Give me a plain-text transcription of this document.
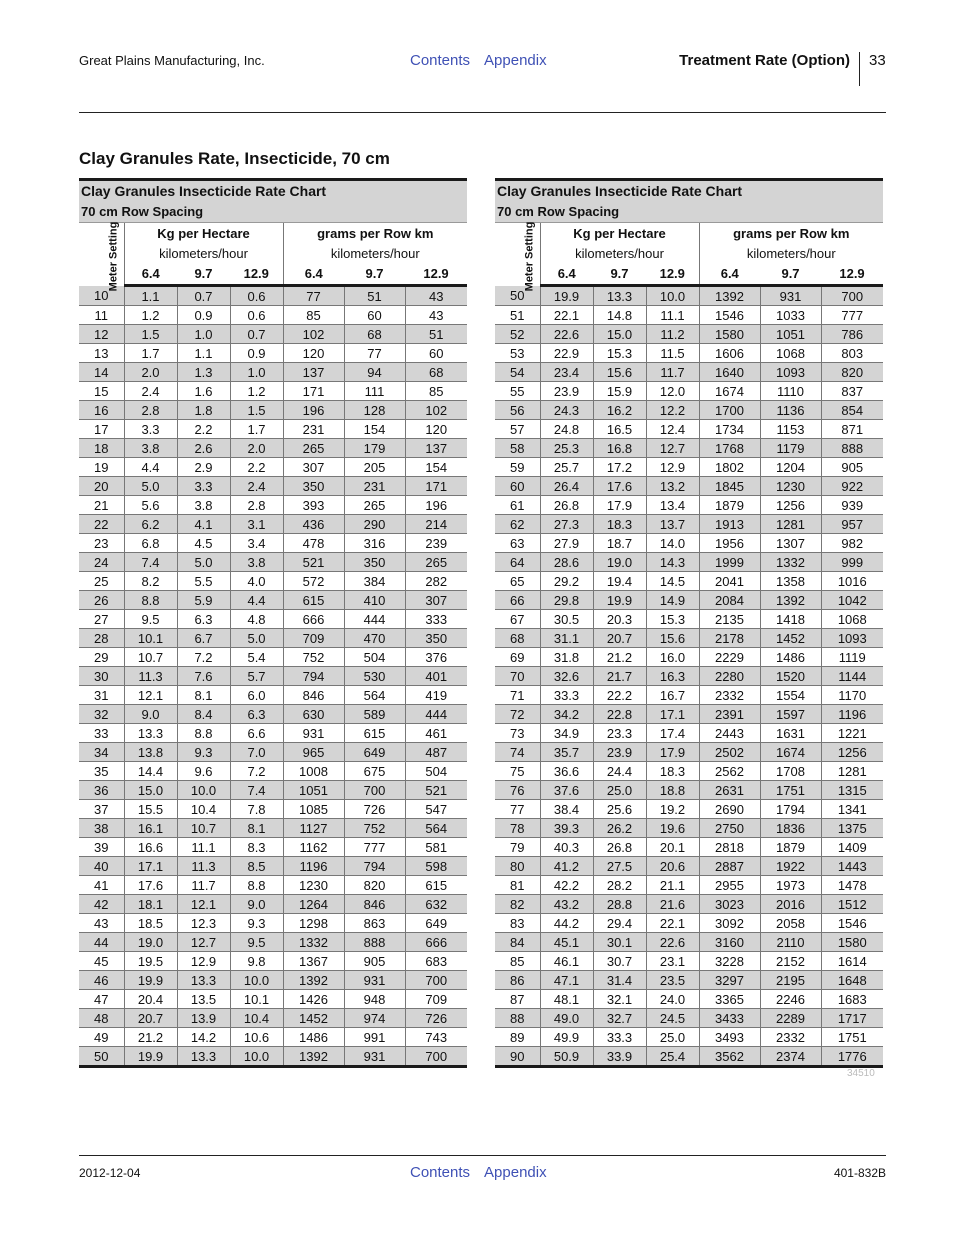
Great Plains Manufacturing, Inc.	Contents Appendix	Treatment Rate (Option) 33
Clay Granules Rate, Insecticide, 70 cm
Clay Granules Insecticide Rate Chart
70 cm Row Spacing
Meter Setting	Kg per Hectare			grams per Row km		
	kilometers/hour			kilometers/hour		
	6.4	9.7	12.9	6.4	9.7	12.9
10	1.1	0.7	0.6	77	51	43
11	1.2	0.9	0.6	85	60	43
12	1.5	1.0	0.7	102	68	51
13	1.7	1.1	0.9	120	77	60
14	2.0	1.3	1.0	137	94	68
15	2.4	1.6	1.2	171	111	85
16	2.8	1.8	1.5	196	128	102
17	3.3	2.2	1.7	231	154	120
18	3.8	2.6	2.0	265	179	137
19	4.4	2.9	2.2	307	205	154
20	5.0	3.3	2.4	350	231	171
21	5.6	3.8	2.8	393	265	196
22	6.2	4.1	3.1	436	290	214
23	6.8	4.5	3.4	478	316	239
24	7.4	5.0	3.8	521	350	265
25	8.2	5.5	4.0	572	384	282
26	8.8	5.9	4.4	615	410	307
27	9.5	6.3	4.8	666	444	333
28	10.1	6.7	5.0	709	470	350
29	10.7	7.2	5.4	752	504	376
30	11.3	7.6	5.7	794	530	401
31	12.1	8.1	6.0	846	564	419
32	9.0	8.4	6.3	630	589	444
33	13.3	8.8	6.6	931	615	461
34	13.8	9.3	7.0	965	649	487
35	14.4	9.6	7.2	1008	675	504
36	15.0	10.0	7.4	1051	700	521
37	15.5	10.4	7.8	1085	726	547
38	16.1	10.7	8.1	1127	752	564
39	16.6	11.1	8.3	1162	777	581
40	17.1	11.3	8.5	1196	794	598
41	17.6	11.7	8.8	1230	820	615
42	18.1	12.1	9.0	1264	846	632
43	18.5	12.3	9.3	1298	863	649
44	19.0	12.7	9.5	1332	888	666
45	19.5	12.9	9.8	1367	905	683
46	19.9	13.3	10.0	1392	931	700
47	20.4	13.5	10.1	1426	948	709
48	20.7	13.9	10.4	1452	974	726
49	21.2	14.2	10.6	1486	991	743
50	19.9	13.3	10.0	1392	931	700
Clay Granules Insecticide Rate Chart
70 cm Row Spacing
Meter Setting	Kg per Hectare			grams per Row km		
	kilometers/hour			kilometers/hour		
	6.4	9.7	12.9	6.4	9.7	12.9
50	19.9	13.3	10.0	1392	931	700
51	22.1	14.8	11.1	1546	1033	777
52	22.6	15.0	11.2	1580	1051	786
53	22.9	15.3	11.5	1606	1068	803
54	23.4	15.6	11.7	1640	1093	820
55	23.9	15.9	12.0	1674	1110	837
56	24.3	16.2	12.2	1700	1136	854
57	24.8	16.5	12.4	1734	1153	871
58	25.3	16.8	12.7	1768	1179	888
59	25.7	17.2	12.9	1802	1204	905
60	26.4	17.6	13.2	1845	1230	922
61	26.8	17.9	13.4	1879	1256	939
62	27.3	18.3	13.7	1913	1281	957
63	27.9	18.7	14.0	1956	1307	982
64	28.6	19.0	14.3	1999	1332	999
65	29.2	19.4	14.5	2041	1358	1016
66	29.8	19.9	14.9	2084	1392	1042
67	30.5	20.3	15.3	2135	1418	1068
68	31.1	20.7	15.6	2178	1452	1093
69	31.8	21.2	16.0	2229	1486	1119
70	32.6	21.7	16.3	2280	1520	1144
71	33.3	22.2	16.7	2332	1554	1170
72	34.2	22.8	17.1	2391	1597	1196
73	34.9	23.3	17.4	2443	1631	1221
74	35.7	23.9	17.9	2502	1674	1256
75	36.6	24.4	18.3	2562	1708	1281
76	37.6	25.0	18.8	2631	1751	1315
77	38.4	25.6	19.2	2690	1794	1341
78	39.3	26.2	19.6	2750	1836	1375
79	40.3	26.8	20.1	2818	1879	1409
80	41.2	27.5	20.6	2887	1922	1443
81	42.2	28.2	21.1	2955	1973	1478
82	43.2	28.8	21.6	3023	2016	1512
83	44.2	29.4	22.1	3092	2058	1546
84	45.1	30.1	22.6	3160	2110	1580
85	46.1	30.7	23.1	3228	2152	1614
86	47.1	31.4	23.5	3297	2195	1648
87	48.1	32.1	24.0	3365	2246	1683
88	49.0	32.7	24.5	3433	2289	1717
89	49.9	33.3	25.0	3493	2332	1751
90	50.9	33.9	25.4	3562	2374	1776
34510
2012-12-04	Contents Appendix	401-832B
